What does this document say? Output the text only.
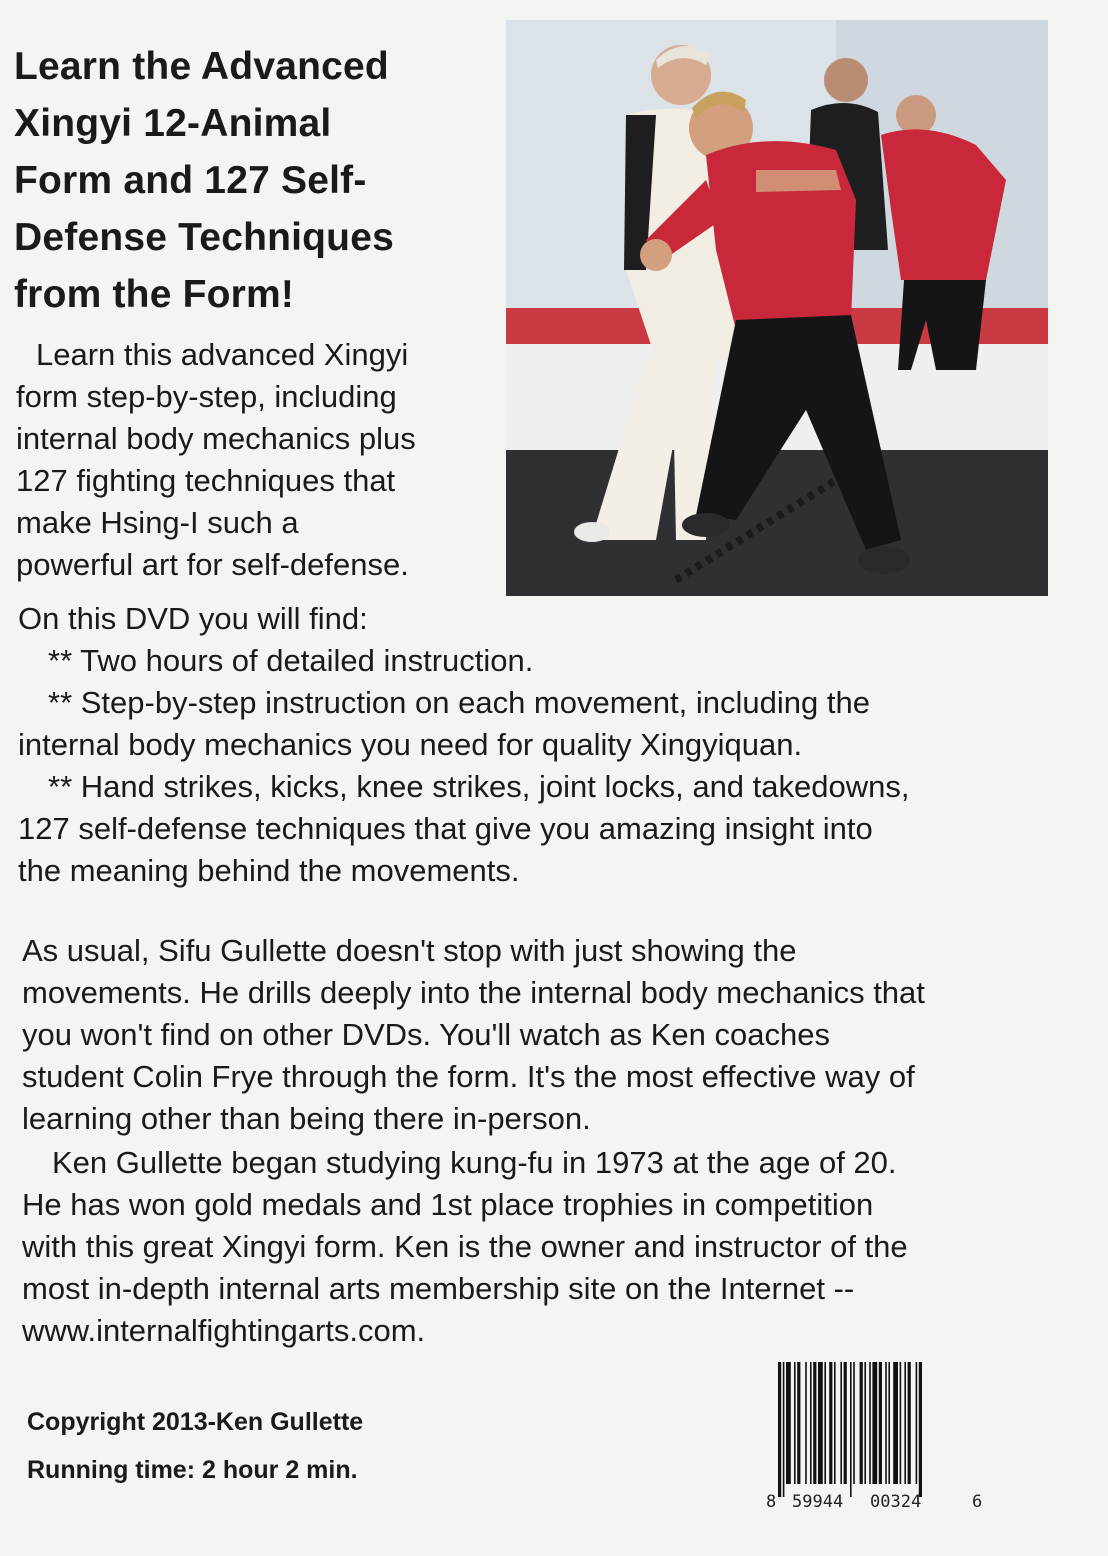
Learn the Advanced
Xingyi 12-Animal
Form and 127 Self-
Defense Techniques
from the Form!
Learn this advanced Xingyi
form step-by-step, including
internal body mechanics plus
127 fighting techniques that
make Hsing-I such a
powerful art for self-defense.
On this DVD you will find:
** Two hours of detailed instruction.
** Step-by-step instruction on each movement, including the
internal body mechanics you need for quality Xingyiquan.
** Hand strikes, kicks, knee strikes, joint locks, and takedowns,
127 self-defense techniques that give you amazing insight into
the meaning behind the movements.
As usual, Sifu Gullette doesn't stop with just showing the
movements. He drills deeply into the internal body mechanics that
you won't find on other DVDs. You'll watch as Ken coaches
student Colin Frye through the form. It's the most effective way of
learning other than being there in-person.
Ken Gullette began studying kung-fu in 1973 at the age of 20.
He has won gold medals and 1st place trophies in competition
with this great Xingyi form. Ken is the owner and instructor of the
most in-depth internal arts membership site on the Internet --
www.internalfightingarts.com.
Copyright 2013-Ken Gullette
Running time: 2 hour 2 min.
8 59944 00324	6
